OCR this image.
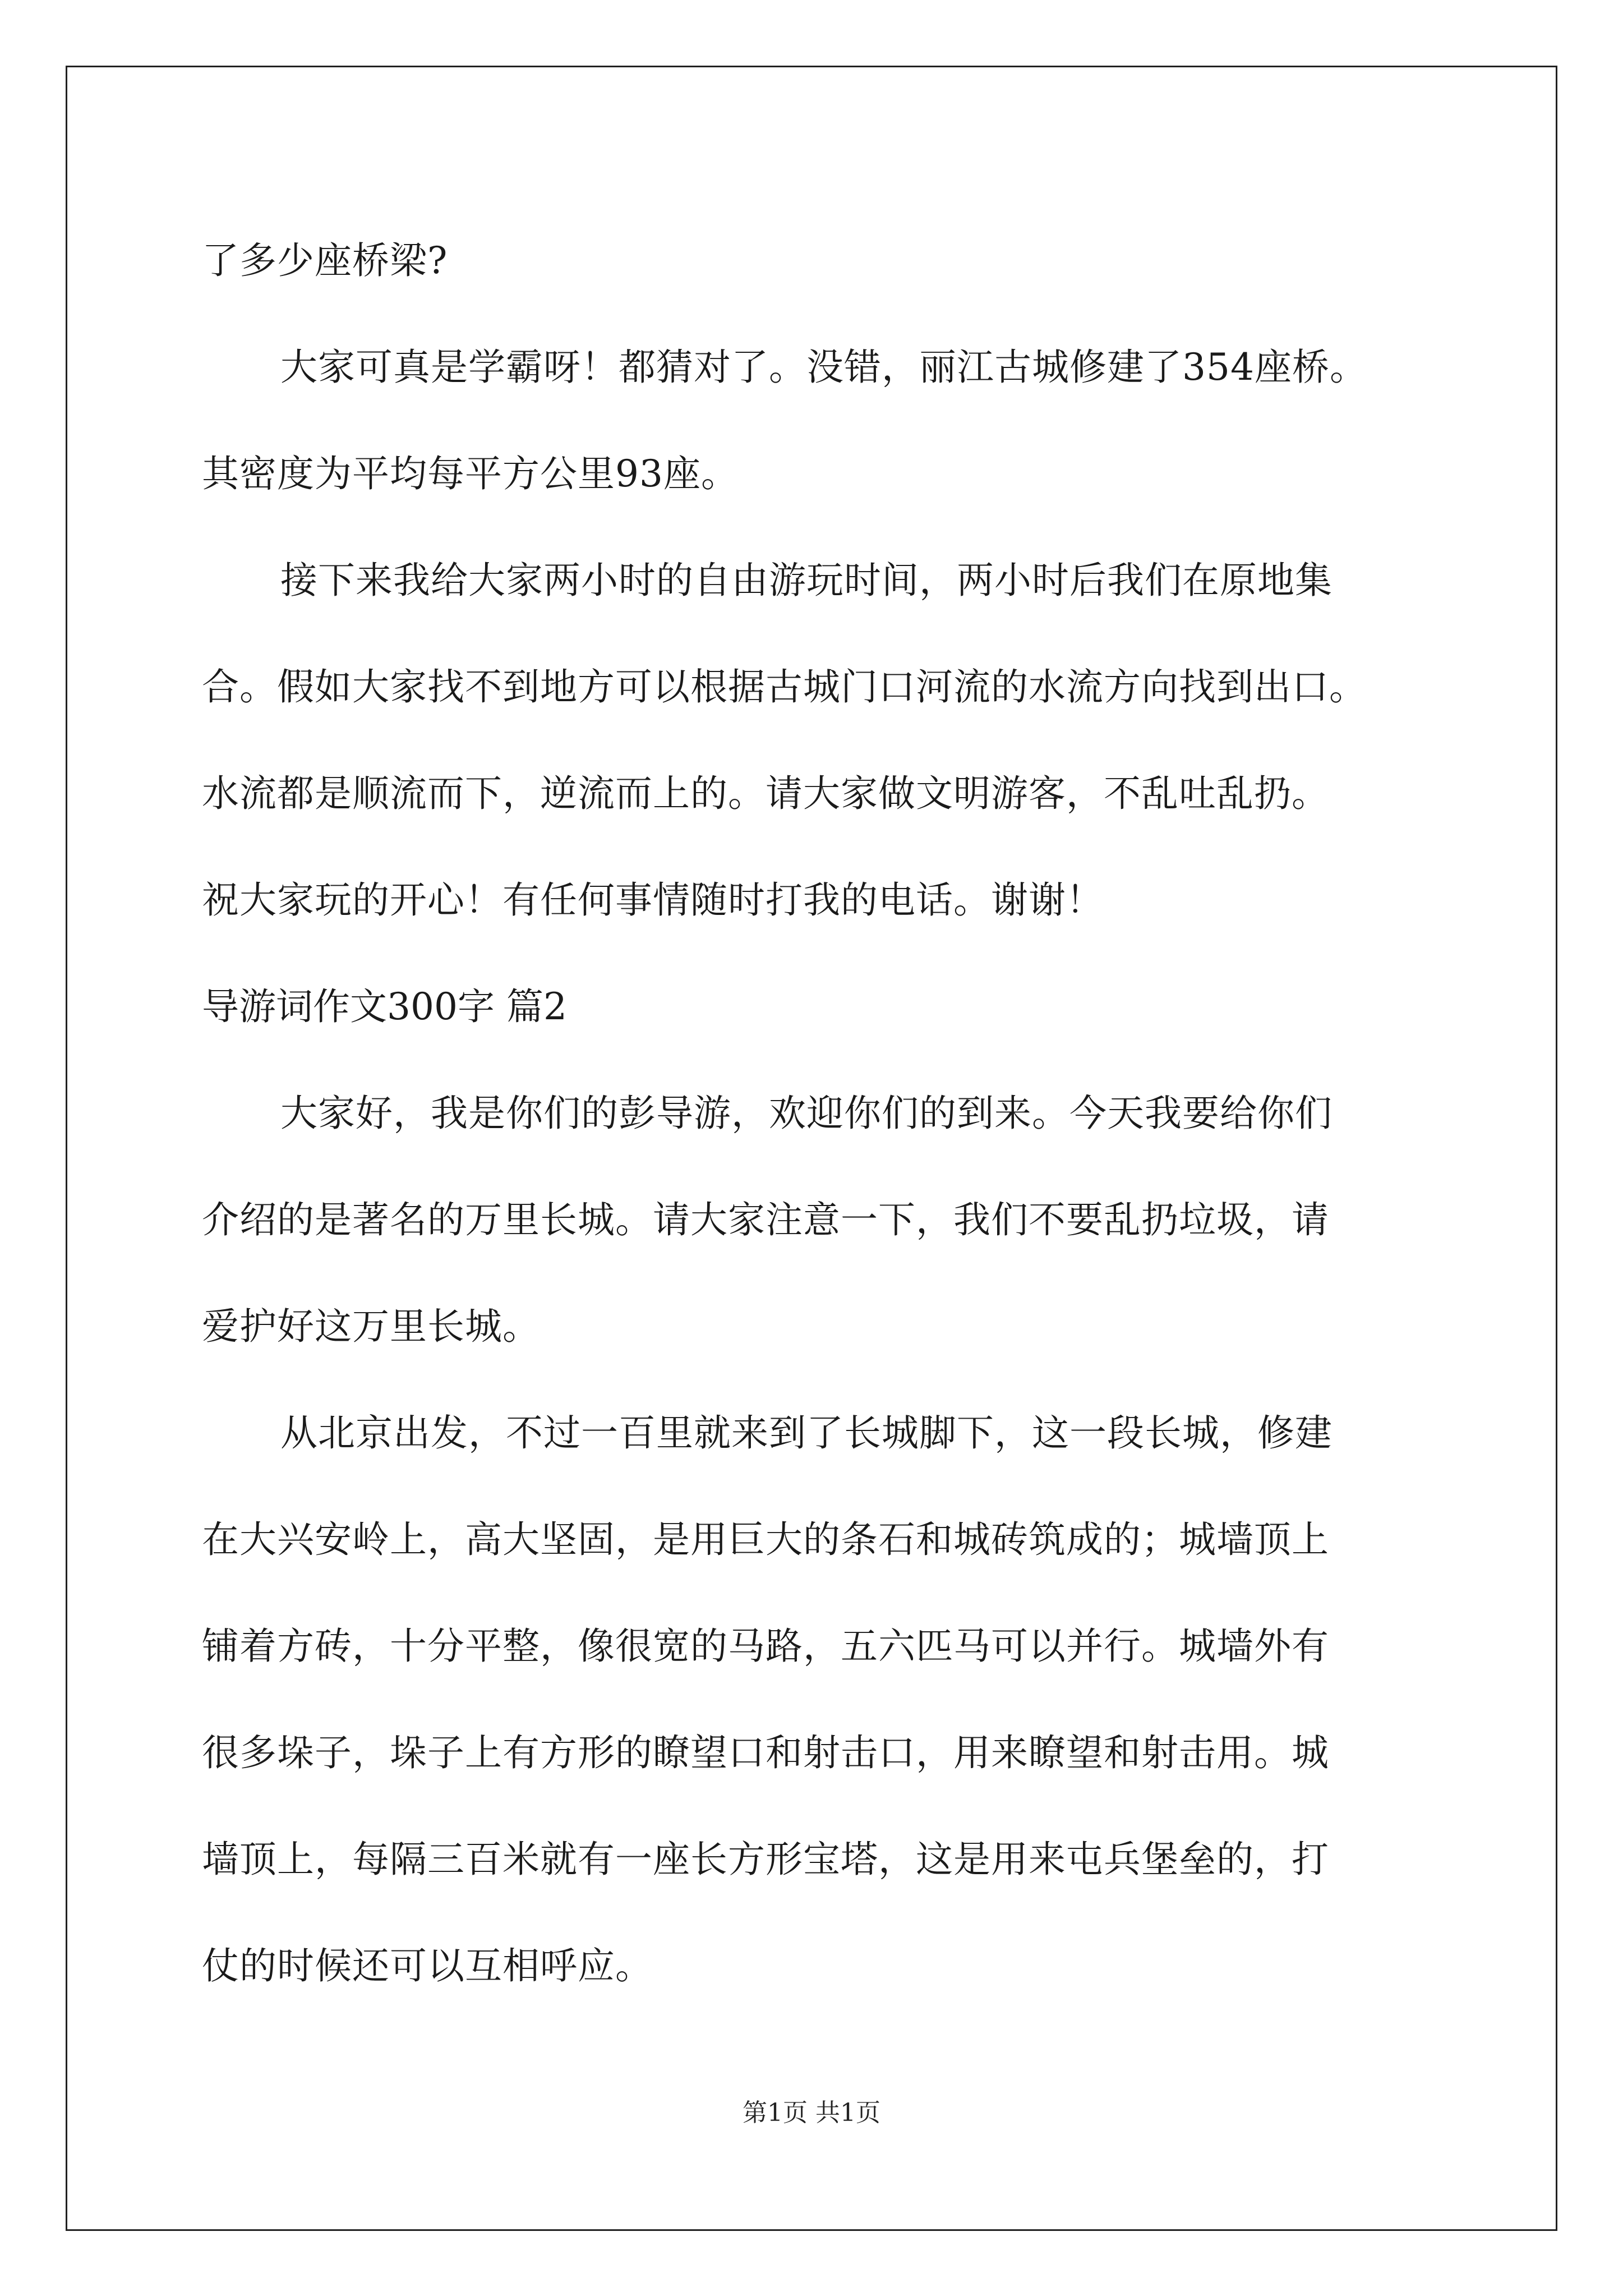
了多少座桥梁?
大家可真是学霸呀！都猜对了。没错，丽江古城修建了354座桥。
其密度为平均每平方公里93座。
接下来我给大家两小时的自由游玩时间，两小时后我们在原地集
合。假如大家找不到地方可以根据古城门口河流的水流方向找到出口。
水流都是顺流而下，逆流而上的。请大家做文明游客，不乱吐乱扔。
祝大家玩的开心！有任何事情随时打我的电话。谢谢！
导游词作文300字 篇2
大家好，我是你们的彭导游，欢迎你们的到来。今天我要给你们
介绍的是著名的万里长城。请大家注意一下，我们不要乱扔垃圾，请
爱护好这万里长城。
从北京出发，不过一百里就来到了长城脚下，这一段长城，修建
在大兴安岭上，高大坚固，是用巨大的条石和城砖筑成的；城墙顶上
铺着方砖，十分平整，像很宽的马路，五六匹马可以并行。城墙外有
很多垛子，垛子上有方形的瞭望口和射击口，用来瞭望和射击用。城
墙顶上，每隔三百米就有一座长方形宝塔，这是用来屯兵堡垒的，打
仗的时候还可以互相呼应。
第1页 共1页
